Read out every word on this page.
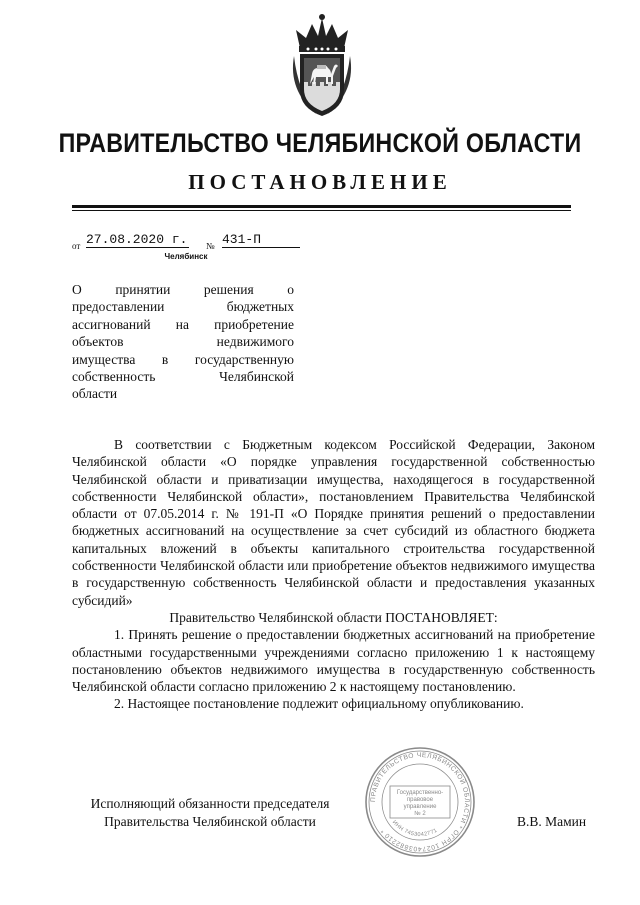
ПРАВИТЕЛЬСТВО ЧЕЛЯБИНСКОЙ ОБЛАСТИ
ПОСТАНОВЛЕНИЕ
от 27.08.2020 г. № 431-П
Челябинск
О принятии решения о
предоставлении бюджетных
ассигнований на приобретение
объектов недвижимого
имущества в государственную
собственность Челябинской
области

В соответствии с Бюджетным кодексом Российской Федерации, Законом Челябинской области «О порядке управления государственной собственностью Челябинской области и приватизации имущества, находящегося в государственной собственности Челябинской области», постановлением Правительства Челябинской области от 07.05.2014 г. № 191-П «О Порядке принятия решений о предоставлении бюджетных ассигнований на осуществление за счет субсидий из областного бюджета капитальных вложений в объекты капитального строительства государственной собственности Челябинской области или приобретение объектов недвижимого имущества в государственную собственность Челябинской области и предоставления указанных субсидий»

Правительство Челябинской области ПОСТАНОВЛЯЕТ:

1. Принять решение о предоставлении бюджетных ассигнований на приобретение областными государственными учреждениями согласно приложению 1 к настоящему постановлению объектов недвижимого имущества в государственную собственность Челябинской области согласно приложению 2 к настоящему постановлению.

2. Настоящее постановление подлежит официальному опубликованию.

Исполняющий обязанности председателя
Правительства Челябинской области
ПРАВИТЕЛЬСТВО ЧЕЛЯБИНСКОЙ ОБЛАСТИ * ОГРН 1027403882210 *
ИНН 7453042771
Государственно-
правовое
управление
№ 2	В.В. Мамин
